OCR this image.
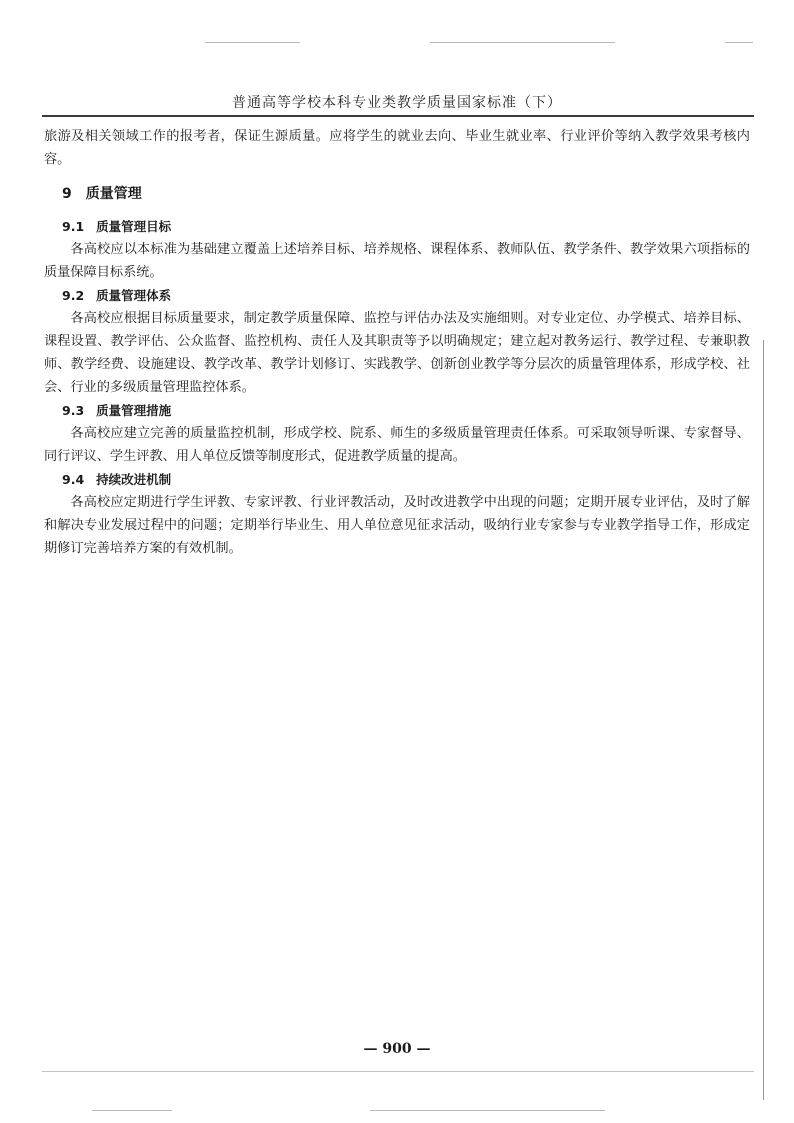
普通高等学校本科专业类教学质量国家标准（下）

旅游及相关领域工作的报考者，保证生源质量。应将学生的就业去向、毕业生就业率、行业评价等纳入教学效果考核内容。

9 质量管理
9.1 质量管理目标

各高校应以本标准为基础建立覆盖上述培养目标、培养规格、课程体系、教师队伍、教学条件、教学效果六项指标的质量保障目标系统。

9.2 质量管理体系

各高校应根据目标质量要求，制定教学质量保障、监控与评估办法及实施细则。对专业定位、办学模式、培养目标、课程设置、教学评估、公众监督、监控机构、责任人及其职责等予以明确规定；建立起对教务运行、教学过程、专兼职教师、教学经费、设施建设、教学改革、教学计划修订、实践教学、创新创业教学等分层次的质量管理体系，形成学校、社会、行业的多级质量管理监控体系。

9.3 质量管理措施

各高校应建立完善的质量监控机制，形成学校、院系、师生的多级质量管理责任体系。可采取领导听课、专家督导、同行评议、学生评教、用人单位反馈等制度形式，促进教学质量的提高。

9.4 持续改进机制

各高校应定期进行学生评教、专家评教、行业评教活动，及时改进教学中出现的问题；定期开展专业评估，及时了解和解决专业发展过程中的问题；定期举行毕业生、用人单位意见征求活动，吸纳行业专家参与专业教学指导工作，形成定期修订完善培养方案的有效机制。

— 900 —
